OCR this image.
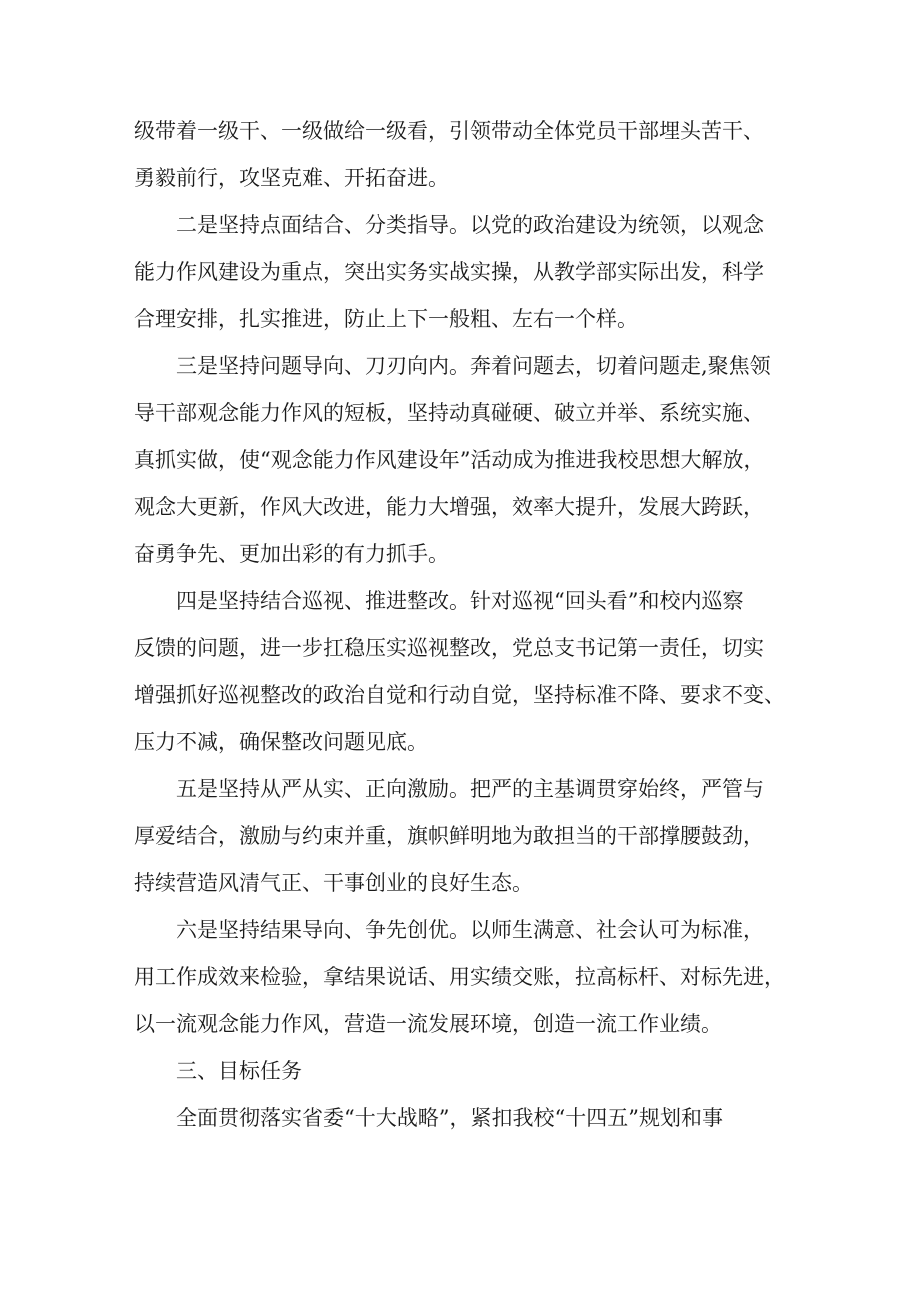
级带着一级干、一级做给一级看，引领带动全体党员干部埋头苦干、
勇毅前行，攻坚克难、开拓奋进。
二是坚持点面结合、分类指导。以党的政治建设为统领，以观念
能力作风建设为重点，突出实务实战实操，从教学部实际出发，科学
合理安排，扎实推进，防止上下一般粗、左右一个样。
三是坚持问题导向、刀刃向内。奔着问题去，切着问题走,聚焦领
导干部观念能力作风的短板，坚持动真碰硬、破立并举、系统实施、
真抓实做，使“观念能力作风建设年”活动成为推进我校思想大解放，
观念大更新，作风大改进，能力大增强，效率大提升，发展大跨跃，
奋勇争先、更加出彩的有力抓手。
四是坚持结合巡视、推进整改。针对巡视“回头看”和校内巡察
反馈的问题，进一步扛稳压实巡视整改，党总支书记第一责任，切实
增强抓好巡视整改的政治自觉和行动自觉，坚持标准不降、要求不变、
压力不减，确保整改问题见底。
五是坚持从严从实、正向激励。把严的主基调贯穿始终，严管与
厚爱结合，激励与约束并重，旗帜鲜明地为敢担当的干部撑腰鼓劲，
持续营造风清气正、干事创业的良好生态。
六是坚持结果导向、争先创优。以师生满意、社会认可为标准，
用工作成效来检验，拿结果说话、用实绩交账，拉高标杆、对标先进，
以一流观念能力作风，营造一流发展环境，创造一流工作业绩。
三、目标任务
全面贯彻落实省委“十大战略”，紧扣我校“十四五”规划和事
